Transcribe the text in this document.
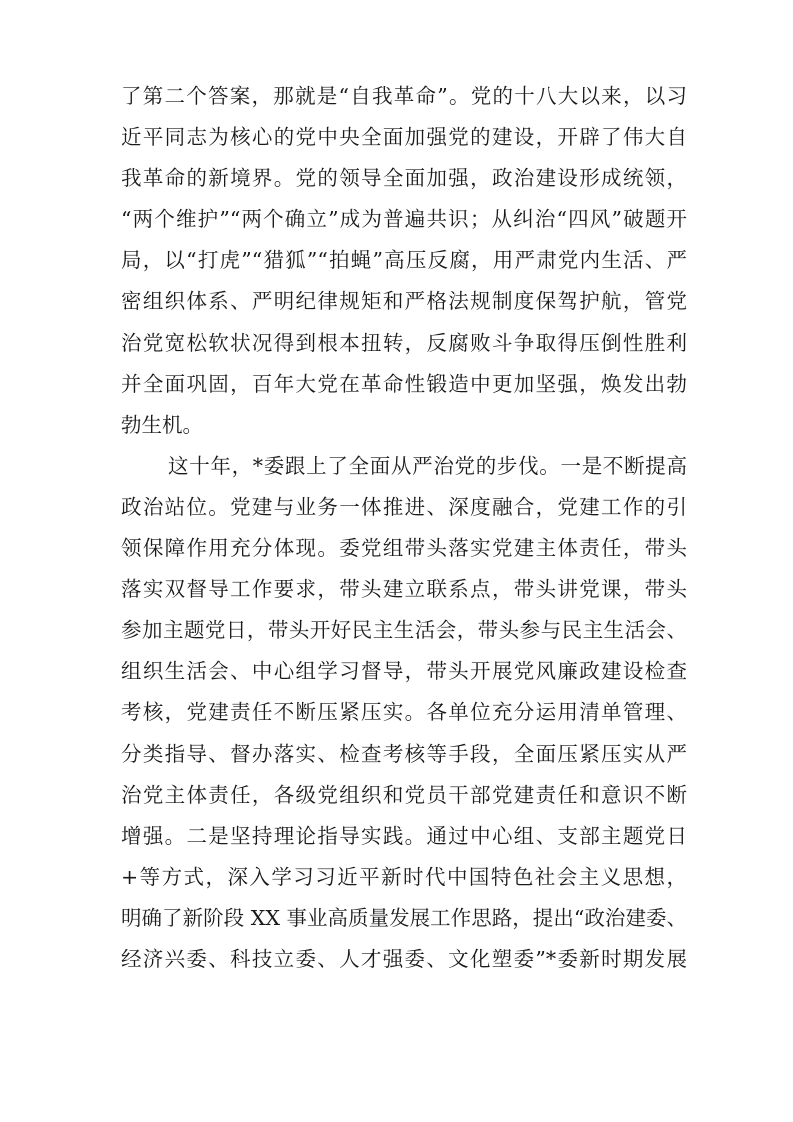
了第二个答案，那就是“自我革命”。党的十八大以来，以习
近平同志为核心的党中央全面加强党的建设，开辟了伟大自
我革命的新境界。党的领导全面加强，政治建设形成统领，
“两个维护”“两个确立”成为普遍共识；从纠治“四风”破题开
局，以“打虎”“猎狐”“拍蝇”高压反腐，用严肃党内生活、严
密组织体系、严明纪律规矩和严格法规制度保驾护航，管党
治党宽松软状况得到根本扭转，反腐败斗争取得压倒性胜利
并全面巩固，百年大党在革命性锻造中更加坚强，焕发出勃
勃生机。
这十年，*委跟上了全面从严治党的步伐。一是不断提高
政治站位。党建与业务一体推进、深度融合，党建工作的引
领保障作用充分体现。委党组带头落实党建主体责任，带头
落实双督导工作要求，带头建立联系点，带头讲党课，带头
参加主题党日，带头开好民主生活会，带头参与民主生活会、
组织生活会、中心组学习督导，带头开展党风廉政建设检查
考核，党建责任不断压紧压实。各单位充分运用清单管理、
分类指导、督办落实、检查考核等手段，全面压紧压实从严
治党主体责任，各级党组织和党员干部党建责任和意识不断
增强。二是坚持理论指导实践。通过中心组、支部主题党日
+等方式，深入学习习近平新时代中国特色社会主义思想，
明确了新阶段 XX 事业高质量发展工作思路，提出“政治建委、
经济兴委、科技立委、人才强委、文化塑委”*委新时期发展
